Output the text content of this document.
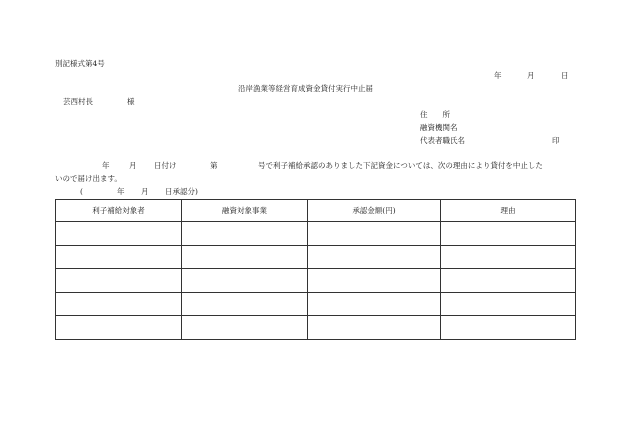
別記様式第4号
年	月	日
沿岸漁業等経営育成資金貸付実行中止届
芸西村長	様
住　　所
融資機関名
代表者職氏名	印
年	月 日付け	第	号で利子補給承認のありました下記資金については、次の理由により貸付を中止した
いので届け出ます。
(	年 月 日承認分)
利子補給対象者	融資対象事業	承認金額(円)	理由
